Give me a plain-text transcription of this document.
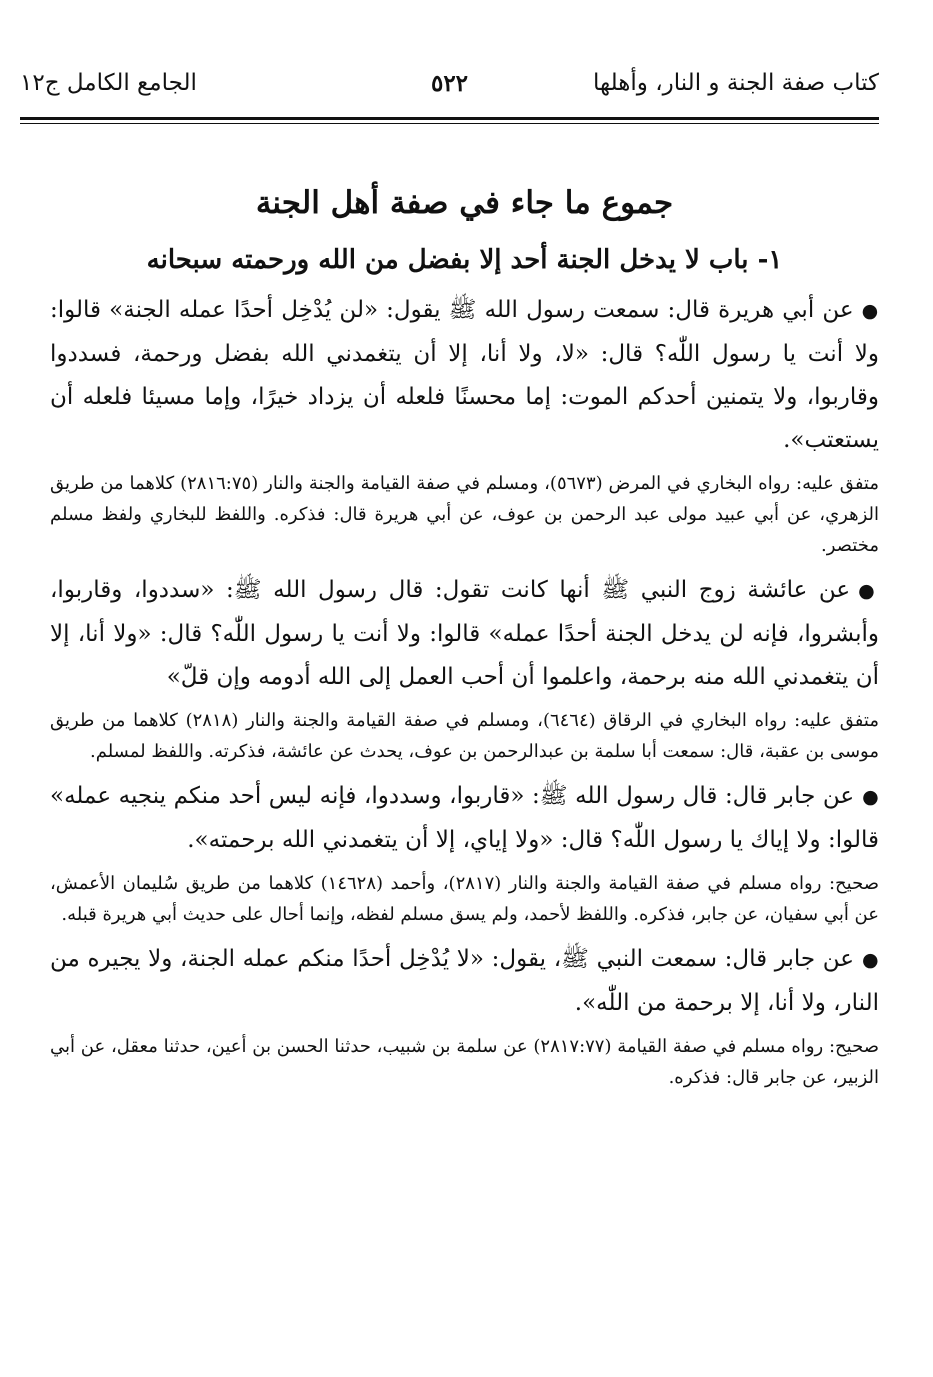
كتاب صفة الجنة و النار، وأهلها
٥٢٢
الجامع الكامل ج١٢
جموع ما جاء في صفة أهل الجنة
١- باب لا يدخل الجنة أحد إلا بفضل من الله ورحمته سبحانه

●عن أبي هريرة قال: سمعت رسول الله ﷺ يقول: «لن يُدْخِل أحدًا عمله الجنة» قالوا: ولا أنت يا رسول اللّٰه؟ قال: «لا، ولا أنا، إلا أن يتغمدني الله بفضل ورحمة، فسددوا وقاربوا، ولا يتمنين أحدكم الموت: إما محسنًا فلعله أن يزداد خيرًا، وإما مسيئا فلعله أن يستعتب».

متفق عليه: رواه البخاري في المرض (٥٦٧٣)، ومسلم في صفة القيامة والجنة والنار (٢٨١٦:٧٥) كلاهما من طريق الزهري، عن أبي عبيد مولى عبد الرحمن بن عوف، عن أبي هريرة قال: فذكره. واللفظ للبخاري ولفظ مسلم مختصر.

●عن عائشة زوج النبي ﷺ أنها كانت تقول: قال رسول الله ﷺ: «سددوا، وقاربوا، وأبشروا، فإنه لن يدخل الجنة أحدًا عمله» قالوا: ولا أنت يا رسول اللّٰه؟ قال: «ولا أنا، إلا أن يتغمدني الله منه برحمة، واعلموا أن أحب العمل إلى الله أدومه وإن قلّ»

متفق عليه: رواه البخاري في الرقاق (٦٤٦٤)، ومسلم في صفة القيامة والجنة والنار (٢٨١٨) كلاهما من طريق موسى بن عقبة، قال: سمعت أبا سلمة بن عبدالرحمن بن عوف، يحدث عن عائشة، فذكرته. واللفظ لمسلم.

●عن جابر قال: قال رسول الله ﷺ: «قاربوا، وسددوا، فإنه ليس أحد منكم ينجيه عمله» قالوا: ولا إياك يا رسول اللّٰه؟ قال: «ولا إياي، إلا أن يتغمدني الله برحمته».

صحيح: رواه مسلم في صفة القيامة والجنة والنار (٢٨١٧)، وأحمد (١٤٦٢٨) كلاهما من طريق سُليمان الأعمش، عن أبي سفيان، عن جابر، فذكره. واللفظ لأحمد، ولم يسق مسلم لفظه، وإنما أحال على حديث أبي هريرة قبله.

●عن جابر قال: سمعت النبي ﷺ، يقول: «لا يُدْخِل أحدًا منكم عمله الجنة، ولا يجيره من النار، ولا أنا، إلا برحمة من اللّٰه».

صحيح: رواه مسلم في صفة القيامة (٢٨١٧:٧٧) عن سلمة بن شبيب، حدثنا الحسن بن أعين، حدثنا معقل، عن أبي الزبير، عن جابر قال: فذكره.
